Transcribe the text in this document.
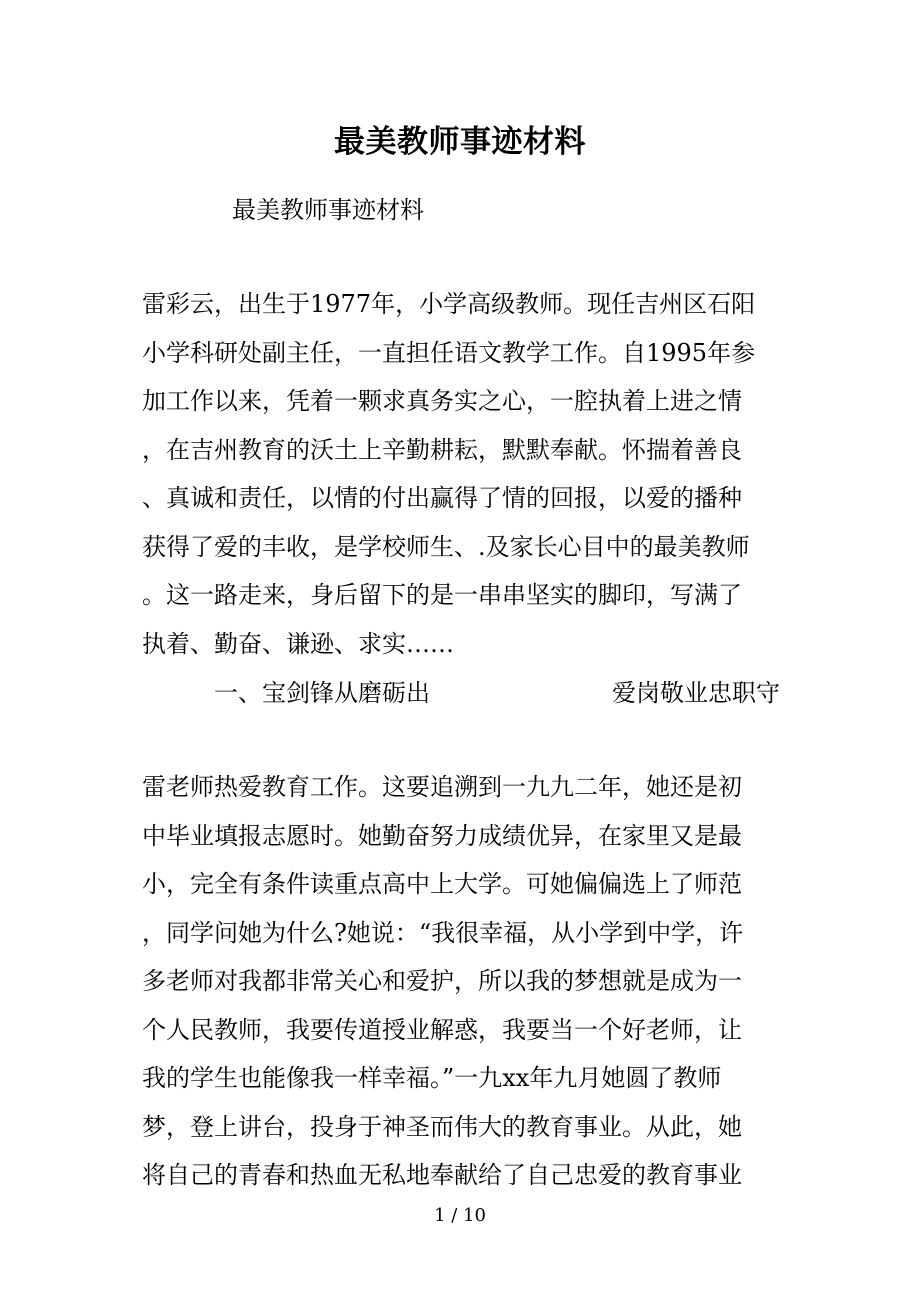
最美教师事迹材料
最美教师事迹材料
雷彩云，出生于1977年，小学高级教师。现任吉州区石阳
小学科研处副主任，一直担任语文教学工作。自1995年参
加工作以来，凭着一颗求真务实之心，一腔执着上进之情
，在吉州教育的沃土上辛勤耕耘，默默奉献。怀揣着善良
、真诚和责任，以情的付出赢得了情的回报，以爱的播种
获得了爱的丰收，是学校师生、.及家长心目中的最美教师
。这一路走来，身后留下的是一串串坚实的脚印，写满了
执着、勤奋、谦逊、求实……
一、宝剑锋从磨砺出	爱岗敬业忠职守
雷老师热爱教育工作。这要追溯到一九九二年，她还是初
中毕业填报志愿时。她勤奋努力成绩优异，在家里又是最
小，完全有条件读重点高中上大学。可她偏偏选上了师范
，同学问她为什么?她说：“我很幸福，从小学到中学，许
多老师对我都非常关心和爱护，所以我的梦想就是成为一
个人民教师，我要传道授业解惑，我要当一个好老师，让
我的学生也能像我一样幸福。”一九xx年九月她圆了教师
梦，登上讲台，投身于神圣而伟大的教育事业。从此，她
将自己的青春和热血无私地奉献给了自己忠爱的教育事业
1 / 10
